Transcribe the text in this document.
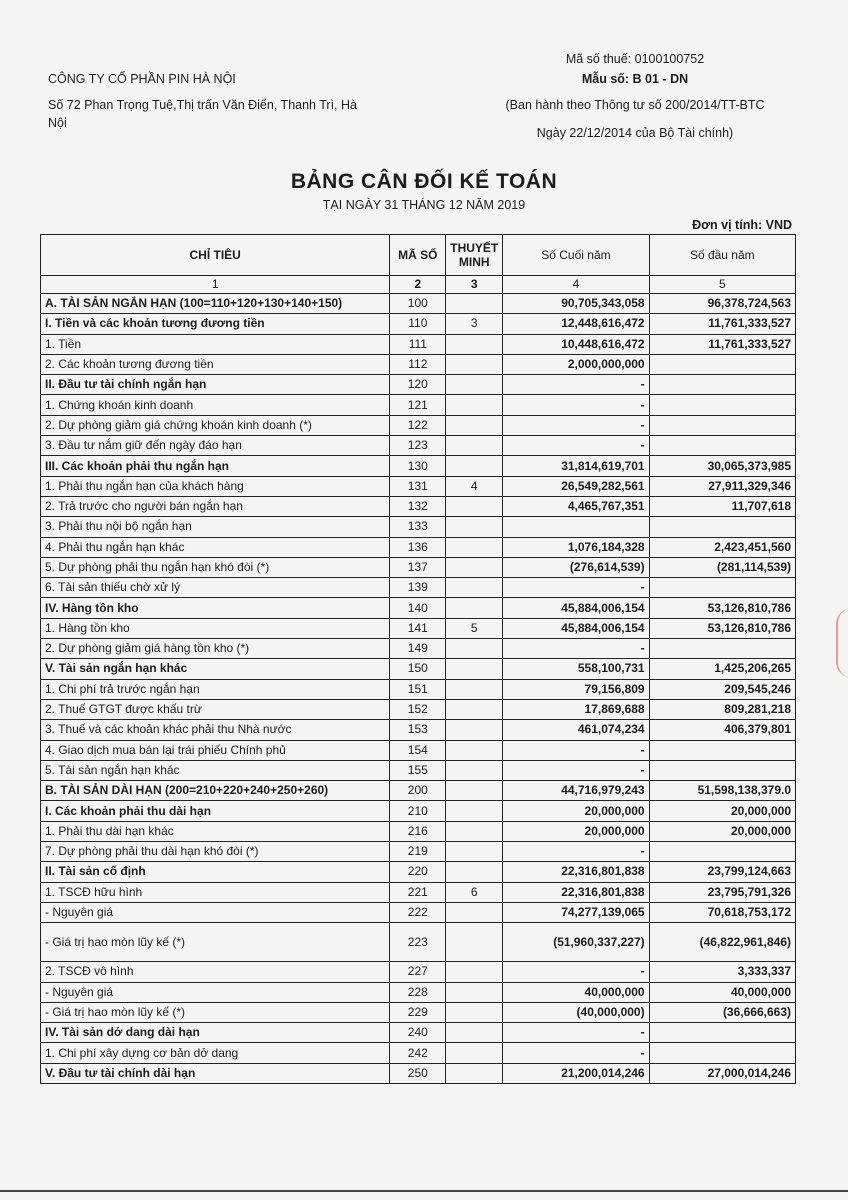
Mã số thuế: 0100100752
Mẫu số: B 01 - DN
(Ban hành theo Thông tư số 200/2014/TT-BTC
Ngày 22/12/2014 của Bộ Tài chính)
CÔNG TY CỔ PHẦN PIN HÀ NỘI
Số 72 Phan Trọng Tuệ,Thị trấn Văn Điển, Thanh Trì, Hà Nội
BẢNG CÂN ĐỐI KẾ TOÁN
TẠI NGÀY 31 THÁNG 12 NĂM 2019
Đơn vị tính: VND
CHỈ TIÊU	MÃ SỐ	THUYẾT MINH	Số Cuối năm	Số đầu năm
1	2	3	4	5
A. TÀI SẢN NGẮN HẠN (100=110+120+130+140+150)	100		90,705,343,058	96,378,724,563
I. Tiền và các khoản tương đương tiền	110	3	12,448,616,472	11,761,333,527
1. Tiền	111		10,448,616,472	11,761,333,527
2. Các khoản tương đương tiền	112		2,000,000,000	
II. Đầu tư tài chính ngắn hạn	120		-	
1. Chứng khoán kinh doanh	121		-	
2. Dự phòng giảm giá chứng khoán kinh doanh (*)	122		-	
3. Đầu tư nắm giữ đến ngày đáo hạn	123		-	
III. Các khoản phải thu ngắn hạn	130		31,814,619,701	30,065,373,985
1. Phải thu ngắn hạn của khách hàng	131	4	26,549,282,561	27,911,329,346
2. Trả trước cho người bán ngắn hạn	132		4,465,767,351	11,707,618
3. Phải thu nội bộ ngắn hạn	133			
4. Phải thu ngắn hạn khác	136		1,076,184,328	2,423,451,560
5. Dự phòng phải thu ngắn hạn khó đòi (*)	137		(276,614,539)	(281,114,539)
6. Tài sản thiếu chờ xử lý	139		-	
IV. Hàng tồn kho	140		45,884,006,154	53,126,810,786
1. Hàng tồn kho	141	5	45,884,006,154	53,126,810,786
2. Dự phòng giảm giá hàng tồn kho (*)	149		-	
V. Tài sản ngắn hạn khác	150		558,100,731	1,425,206,265
1. Chi phí trả trước ngắn hạn	151		79,156,809	209,545,246
2. Thuế GTGT được khấu trừ	152		17,869,688	809,281,218
3. Thuế và các khoản khác phải thu Nhà nước	153		461,074,234	406,379,801
4. Giao dịch mua bán lại trái phiếu Chính phủ	154		-	
5. Tài sản ngắn hạn khác	155		-	
B. TÀI SẢN DÀI HẠN (200=210+220+240+250+260)	200		44,716,979,243	51,598,138,379.0
I. Các khoản phải thu dài hạn	210		20,000,000	20,000,000
1. Phải thu dài hạn khác	216		20,000,000	20,000,000
7. Dự phòng phải thu dài hạn khó đòi (*)	219		-	
II. Tài sản cố định	220		22,316,801,838	23,799,124,663
1. TSCĐ hữu hình	221	6	22,316,801,838	23,795,791,326
- Nguyên giá	222		74,277,139,065	70,618,753,172
- Giá trị hao mòn lũy kế (*)	223		(51,960,337,227)	(46,822,961,846)
2. TSCĐ vô hình	227		-	3,333,337
- Nguyên giá	228		40,000,000	40,000,000
- Giá trị hao mòn lũy kế (*)	229		(40,000,000)	(36,666,663)
IV. Tài sản dở dang dài hạn	240		-	
1. Chi phí xây dựng cơ bản dở dang	242		-	
V. Đầu tư tài chính dài hạn	250		21,200,014,246	27,000,014,246
